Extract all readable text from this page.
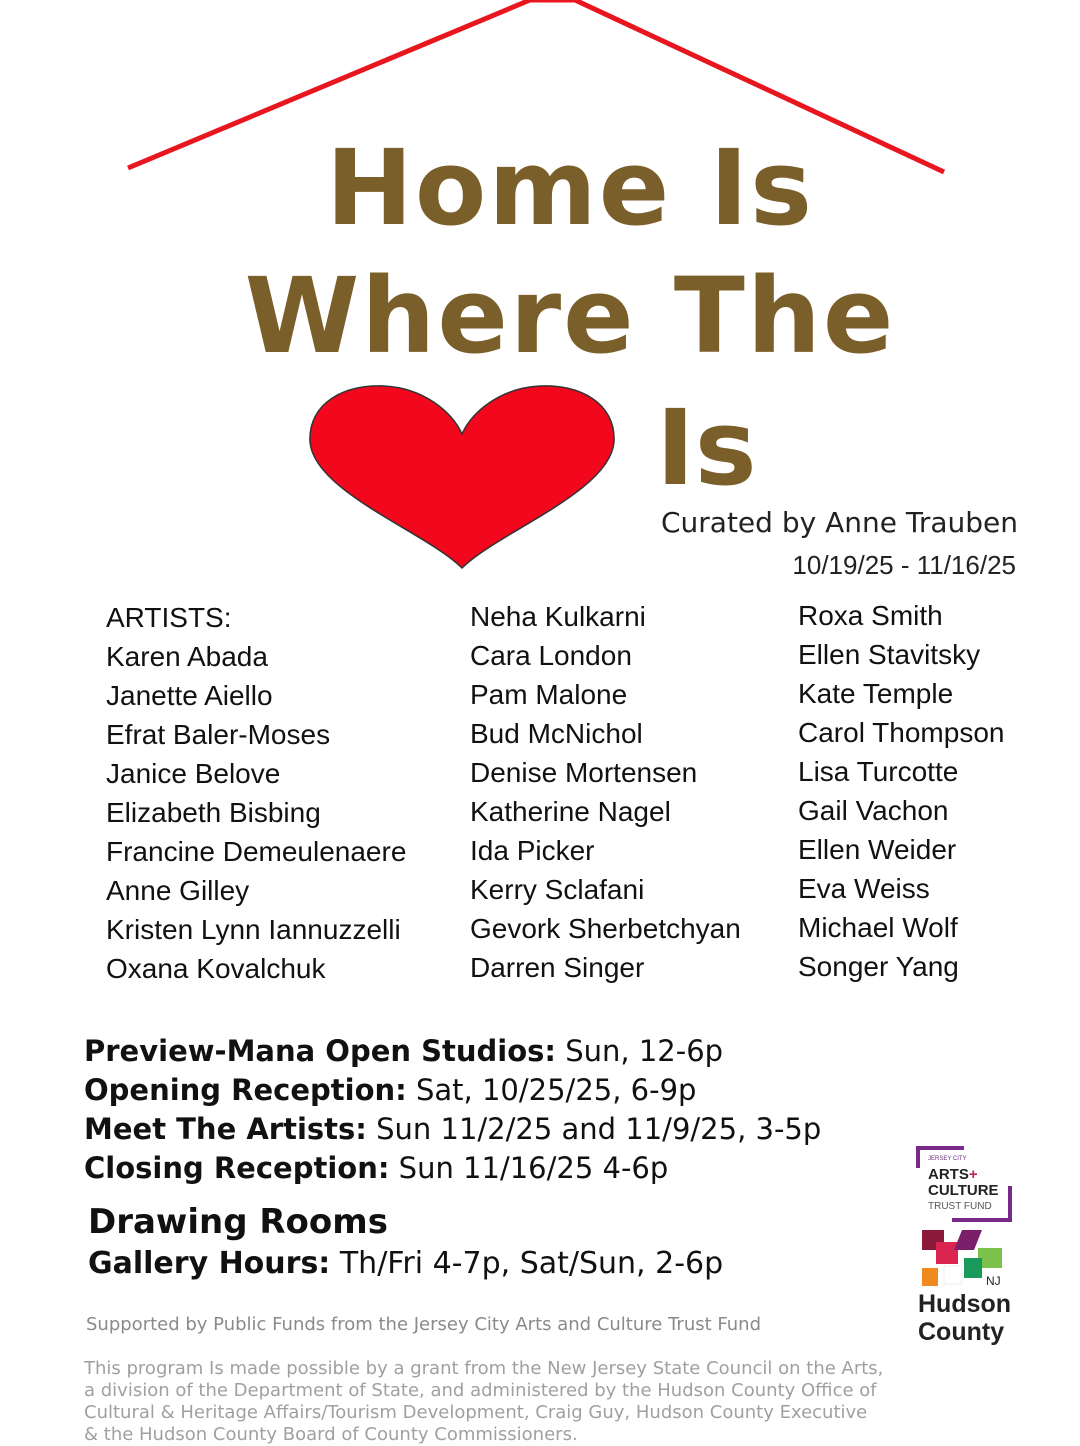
Home Is
Where The
Is
Curated by Anne Trauben
10/19/25 - 11/16/25
ARTISTS:
Karen Abada
Janette Aiello
Efrat Baler-Moses
Janice Belove
Elizabeth Bisbing
Francine Demeulenaere
Anne Gilley
Kristen Lynn Iannuzzelli
Oxana Kovalchuk
Neha Kulkarni
Cara London
Pam Malone
Bud McNichol
Denise Mortensen
Katherine Nagel
Ida Picker
Kerry Sclafani
Gevork Sherbetchyan
Darren Singer
Roxa Smith
Ellen Stavitsky
Kate Temple
Carol Thompson
Lisa Turcotte
Gail Vachon
Ellen Weider
Eva Weiss
Michael Wolf
Songer Yang
Preview-Mana Open Studios: Sun, 12-6p
Opening Reception: Sat, 10/25/25, 6-9p
Meet The Artists: Sun 11/2/25 and 11/9/25, 3-5p
Closing Reception: Sun 11/16/25 4-6p
Drawing Rooms
Gallery Hours: Th/Fri 4-7p, Sat/Sun, 2-6p
Supported by Public Funds from the Jersey City Arts and Culture Trust Fund
This program Is made possible by a grant from the New Jersey State Council on the Arts,
a division of the Department of State, and administered by the Hudson County Office of
Cultural & Heritage Affairs/Tourism Development, Craig Guy, Hudson County Executive
& the Hudson County Board of County Commissioners.
JERSEY CITY
ARTS+
CULTURE
TRUST FUND
NJ
Hudson
County
